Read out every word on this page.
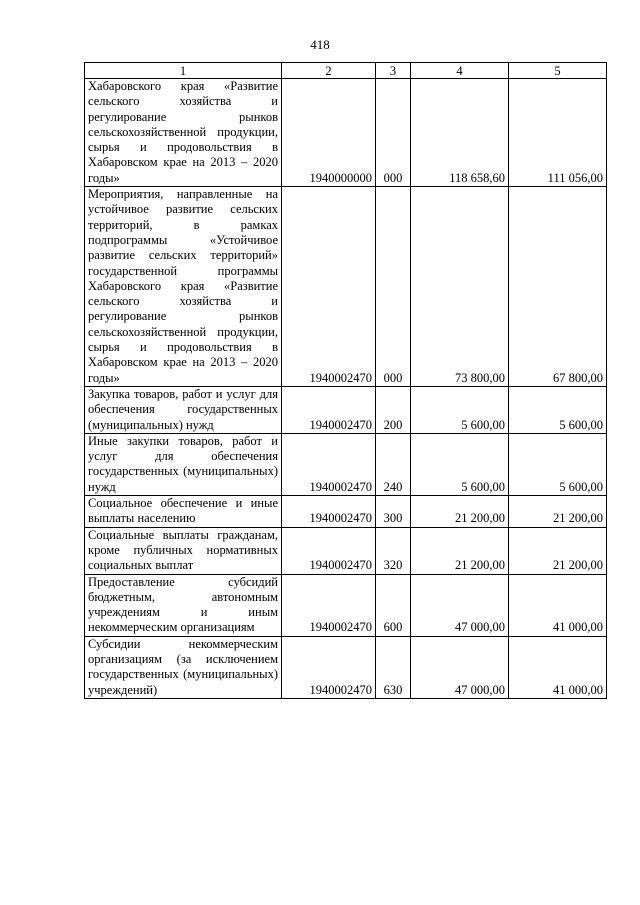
418
1	2	3	4	5
Хабаровского края «Развитие сельского хозяйства и регулирование рынков сельскохозяйственной продукции, сырья и продовольствия в Хабаровском крае на 2013 – 2020 годы»	1940000000	000	118 658,60	111 056,00
Мероприятия, направленные на устойчивое развитие сельских территорий, в рамках подпрограммы «Устойчивое развитие сельских территорий» государственной программы Хабаровского края «Развитие сельского хозяйства и регулирование рынков сельскохозяйственной продукции, сырья и продовольствия в Хабаровском крае на 2013 – 2020 годы»	1940002470	000	73 800,00	67 800,00
Закупка товаров, работ и услуг для обеспечения государственных (муниципальных) нужд	1940002470	200	5 600,00	5 600,00
Иные закупки товаров, работ и услуг для обеспечения государственных (муниципальных) нужд	1940002470	240	5 600,00	5 600,00
Социальное обеспечение и иные выплаты населению	1940002470	300	21 200,00	21 200,00
Социальные выплаты гражданам, кроме публичных нормативных социальных выплат	1940002470	320	21 200,00	21 200,00
Предоставление субсидий бюджетным, автономным учреждениям и иным некоммерческим организациям	1940002470	600	47 000,00	41 000,00
Субсидии некоммерческим организациям (за исключением государственных (муниципальных) учреждений)	1940002470	630	47 000,00	41 000,00
